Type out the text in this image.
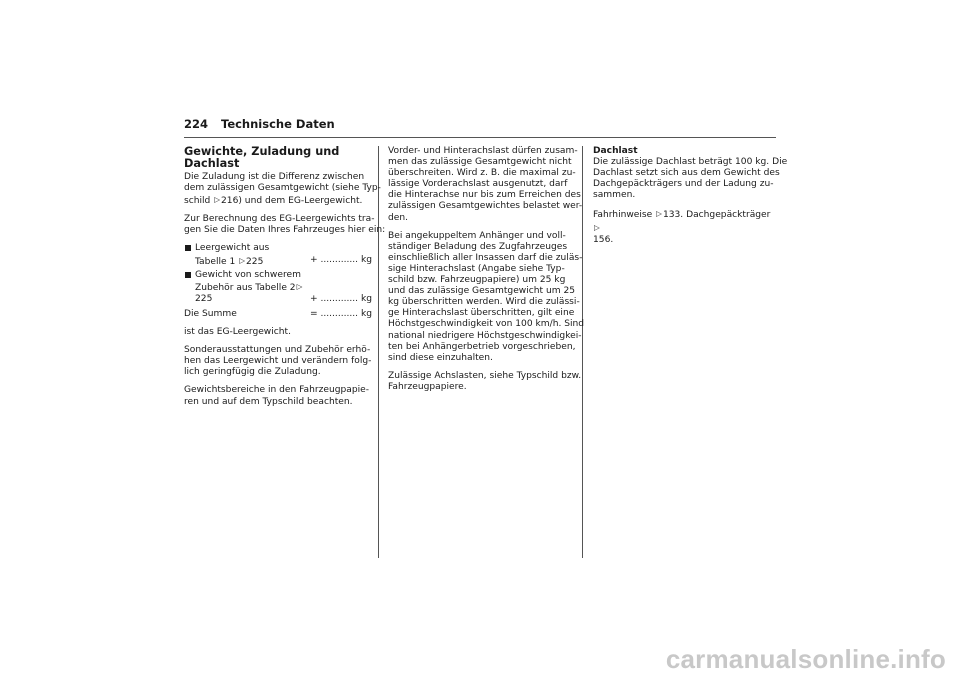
224 Technische Daten
Gewichte, Zuladung und
Dachlast

Die Zuladung ist die Differenz zwischen
dem zulässigen Gesamtgewicht (siehe Typ-
schild ▷216) und dem EG-Leergewicht.

Zur Berechnung des EG-Leergewichts tra-
gen Sie die Daten Ihres Fahrzeuges hier ein:

Leergewicht aus
Tabelle 1 ▷225	+ ............. kg
Gewicht von schwerem
Zubehör aus Tabelle 2▷
225	+ ............. kg
Die Summe	= ............. kg

ist das EG-Leergewicht.

Sonderausstattungen und Zubehör erhö-
hen das Leergewicht und verändern folg-
lich geringfügig die Zuladung.

Gewichtsbereiche in den Fahrzeugpapie-
ren und auf dem Typschild beachten.

Vorder- und Hinterachslast dürfen zusam-
men das zulässige Gesamtgewicht nicht
überschreiten. Wird z. B. die maximal zu-
lässige Vorderachslast ausgenutzt, darf
die Hinterachse nur bis zum Erreichen des
zulässigen Gesamtgewichtes belastet wer-
den.

Bei angekuppeltem Anhänger und voll-
ständiger Beladung des Zugfahrzeuges
einschließlich aller Insassen darf die zuläs-
sige Hinterachslast (Angabe siehe Typ-
schild bzw. Fahrzeugpapiere) um 25 kg
und das zulässige Gesamtgewicht um 25
kg überschritten werden. Wird die zulässi-
ge Hinterachslast überschritten, gilt eine
Höchstgeschwindigkeit von 100 km/h. Sind
national niedrigere Höchstgeschwindigkei-
ten bei Anhängerbetrieb vorgeschrieben,
sind diese einzuhalten.

Zulässige Achslasten, siehe Typschild bzw.
Fahrzeugpapiere.

Dachlast

Die zulässige Dachlast beträgt 100 kg. Die
Dachlast setzt sich aus dem Gewicht des
Dachgepäckträgers und der Ladung zu-
sammen.

Fahrhinweise ▷133. Dachgepäckträger ▷
156.

carmanualsonline.info
